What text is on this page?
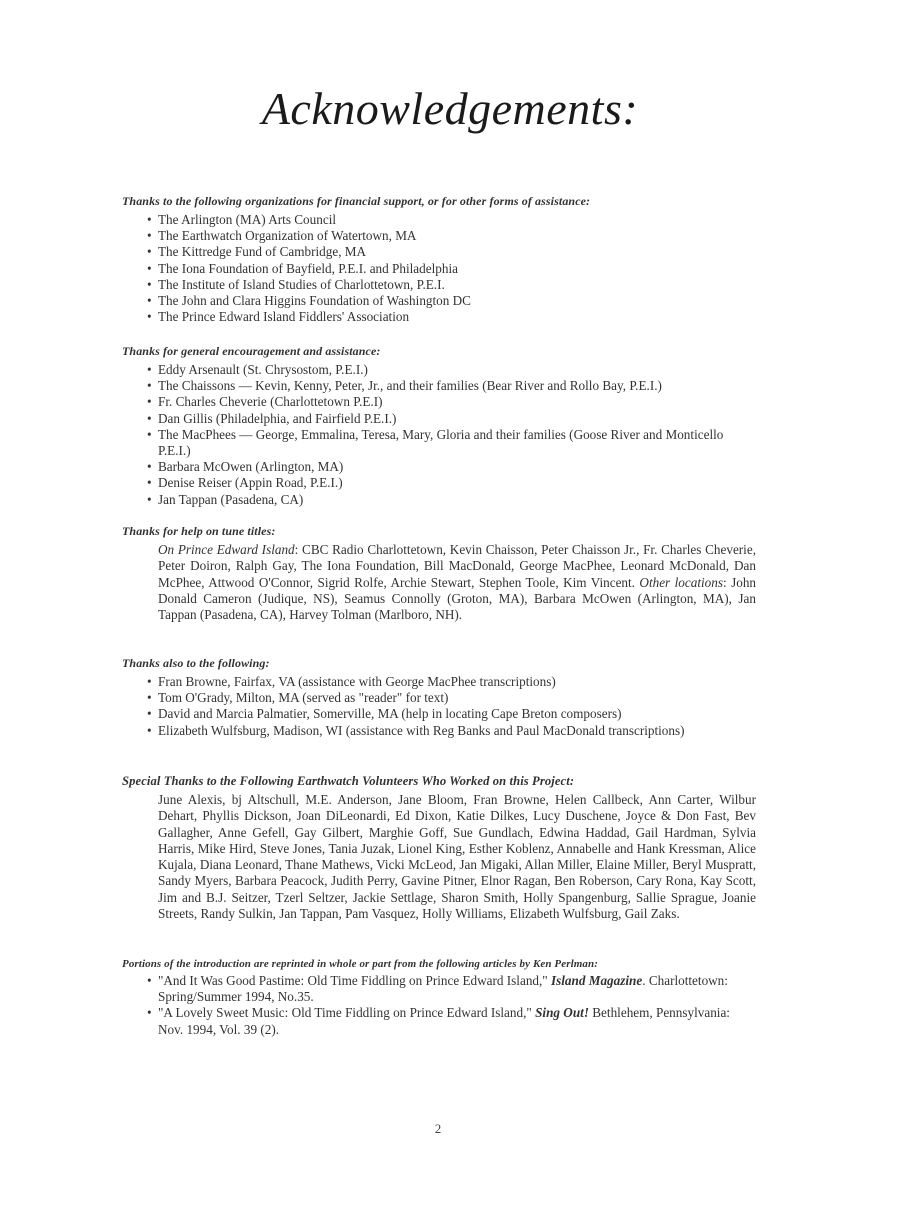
Acknowledgements:
Thanks to the following organizations for financial support, or for other forms of assistance:
• The Arlington (MA) Arts Council
• The Earthwatch Organization of Watertown, MA
• The Kittredge Fund of Cambridge, MA
• The Iona Foundation of Bayfield, P.E.I. and Philadelphia
• The Institute of Island Studies of Charlottetown, P.E.I.
• The John and Clara Higgins Foundation of Washington DC
• The Prince Edward Island Fiddlers' Association
Thanks for general encouragement and assistance:
• Eddy Arsenault (St. Chrysostom, P.E.I.)
• The Chaissons — Kevin, Kenny, Peter, Jr., and their families (Bear River and Rollo Bay, P.E.I.)
• Fr. Charles Cheverie (Charlottetown P.E.I)
• Dan Gillis (Philadelphia, and Fairfield P.E.I.)
• The MacPhees — George, Emmalina, Teresa, Mary, Gloria and their families (Goose River and Monticello P.E.I.)
• Barbara McOwen (Arlington, MA)
• Denise Reiser (Appin Road, P.E.I.)
• Jan Tappan (Pasadena, CA)
Thanks for help on tune titles:

On Prince Edward Island: CBC Radio Charlottetown, Kevin Chaisson, Peter Chaisson Jr., Fr. Charles Cheverie, Peter Doiron, Ralph Gay, The Iona Foundation, Bill MacDonald, George MacPhee, Leonard McDonald, Dan McPhee, Attwood O'Connor, Sigrid Rolfe, Archie Stewart, Stephen Toole, Kim Vincent. Other locations: John Donald Cameron (Judique, NS), Seamus Connolly (Groton, MA), Barbara McOwen (Arlington, MA), Jan Tappan (Pasadena, CA), Harvey Tolman (Marlboro, NH).

Thanks also to the following:
• Fran Browne, Fairfax, VA (assistance with George MacPhee transcriptions)
• Tom O'Grady, Milton, MA (served as "reader" for text)
• David and Marcia Palmatier, Somerville, MA (help in locating Cape Breton composers)
• Elizabeth Wulfsburg, Madison, WI (assistance with Reg Banks and Paul MacDonald transcriptions)
Special Thanks to the Following Earthwatch Volunteers Who Worked on this Project:

June Alexis, bj Altschull, M.E. Anderson, Jane Bloom, Fran Browne, Helen Callbeck, Ann Carter, Wilbur Dehart, Phyllis Dickson, Joan DiLeonardi, Ed Dixon, Katie Dilkes, Lucy Duschene, Joyce & Don Fast, Bev Gallagher, Anne Gefell, Gay Gilbert, Marghie Goff, Sue Gundlach, Edwina Haddad, Gail Hardman, Sylvia Harris, Mike Hird, Steve Jones, Tania Juzak, Lionel King, Esther Koblenz, Annabelle and Hank Kressman, Alice Kujala, Diana Leonard, Thane Mathews, Vicki McLeod, Jan Migaki, Allan Miller, Elaine Miller, Beryl Muspratt, Sandy Myers, Barbara Peacock, Judith Perry, Gavine Pitner, Elnor Ragan, Ben Roberson, Cary Rona, Kay Scott, Jim and B.J. Seitzer, Tzerl Seltzer, Jackie Settlage, Sharon Smith, Holly Spangenburg, Sallie Sprague, Joanie Streets, Randy Sulkin, Jan Tappan, Pam Vasquez, Holly Williams, Elizabeth Wulfsburg, Gail Zaks.

Portions of the introduction are reprinted in whole or part from the following articles by Ken Perlman:
• "And It Was Good Pastime: Old Time Fiddling on Prince Edward Island," Island Magazine. Charlottetown: Spring/Summer 1994, No.35.
• "A Lovely Sweet Music: Old Time Fiddling on Prince Edward Island," Sing Out! Bethlehem, Pennsylvania: Nov. 1994, Vol. 39 (2).
2
